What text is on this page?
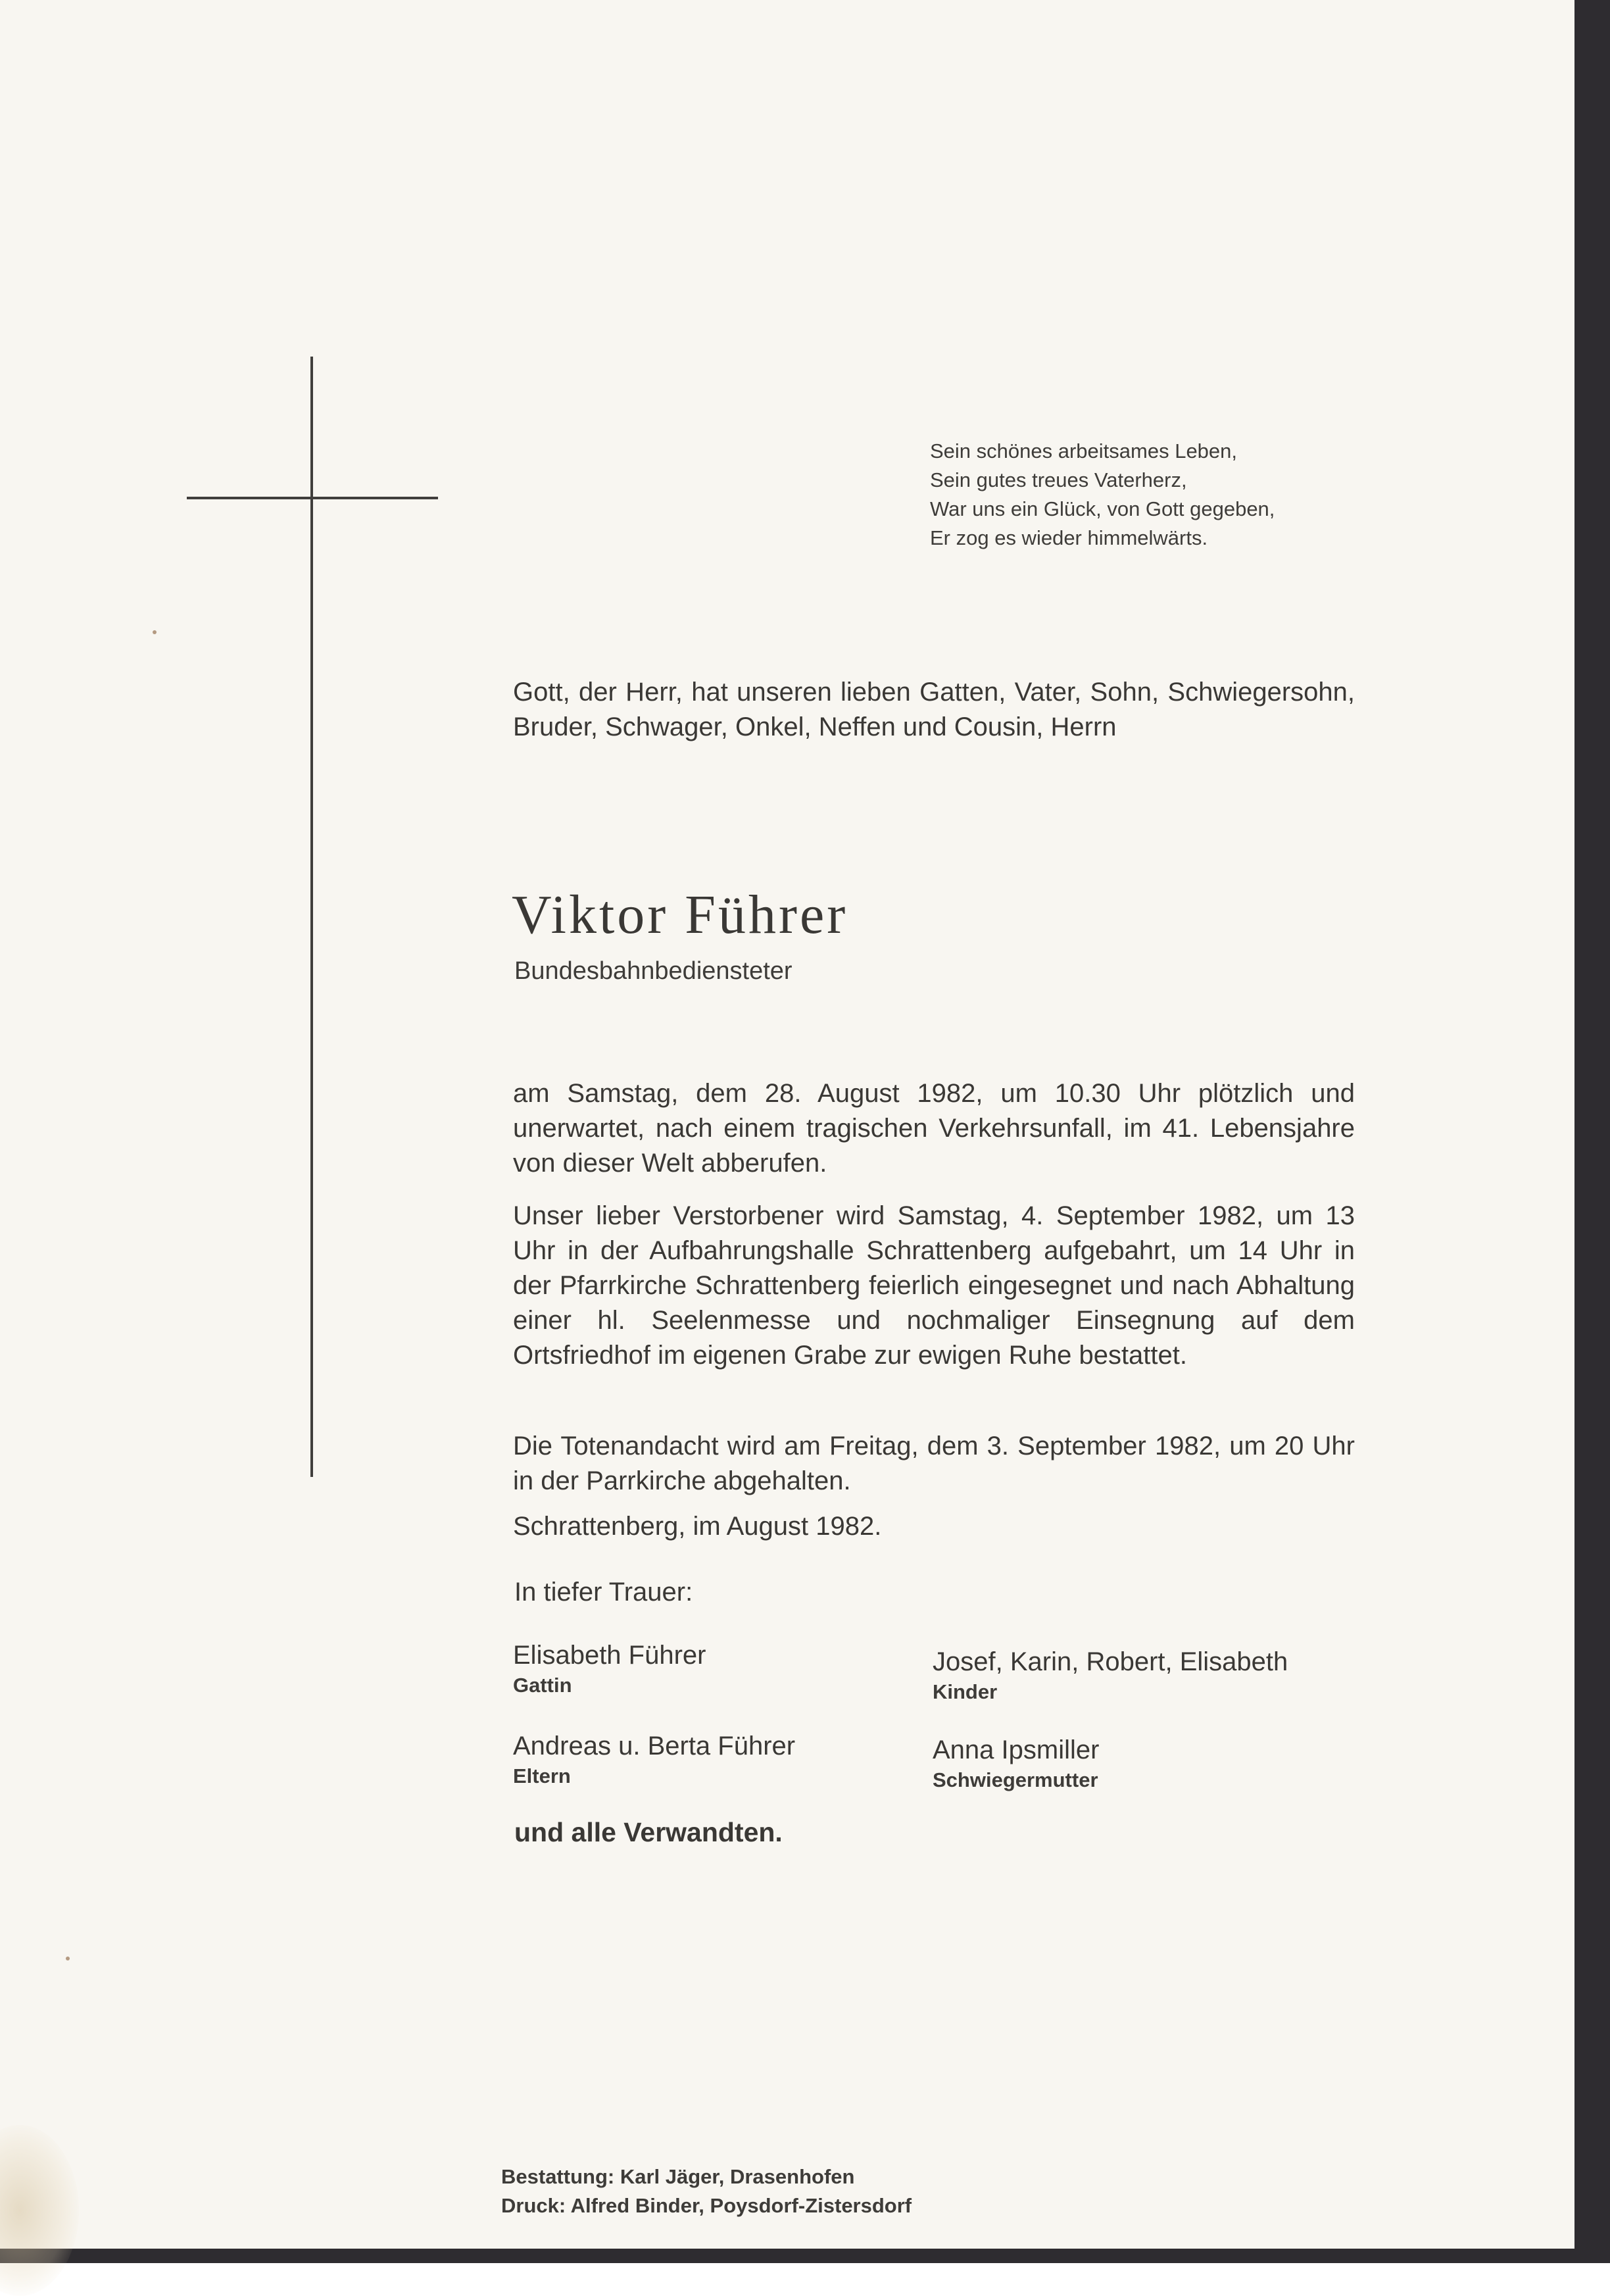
Sein schönes arbeitsames Leben,
Sein gutes treues Vaterherz,
War uns ein Glück, von Gott gegeben,
Er zog es wieder himmelwärts.
Gott, der Herr, hat unseren lieben Gatten, Vater, Sohn, Schwiegersohn, Bruder, Schwager, Onkel, Neffen und Cousin, Herrn
Viktor Führer
Bundesbahnbediensteter
am Samstag, dem 28. August 1982, um 10.30 Uhr plötzlich und unerwartet, nach einem tragischen Verkehrsunfall, im 41. Lebensjahre von dieser Welt abberufen.
Unser lieber Verstorbener wird Samstag, 4. September 1982, um 13 Uhr in der Aufbahrungshalle Schrattenberg aufgebahrt, um 14 Uhr in der Pfarrkirche Schrattenberg feierlich eingesegnet und nach Abhaltung einer hl. Seelenmesse und nochmaliger Einsegnung auf dem Ortsfriedhof im eigenen Grabe zur ewigen Ruhe bestattet.
Die Totenandacht wird am Freitag, dem 3. September 1982, um 20 Uhr in der Parrkirche abgehalten.
Schrattenberg, im August 1982.
In tiefer Trauer:
Elisabeth Führer
Gattin
Josef, Karin, Robert, Elisabeth
Kinder
Andreas u. Berta Führer
Eltern
Anna Ipsmiller
Schwiegermutter
und alle Verwandten.
Bestattung: Karl Jäger, Drasenhofen
Druck: Alfred Binder, Poysdorf-Zistersdorf
